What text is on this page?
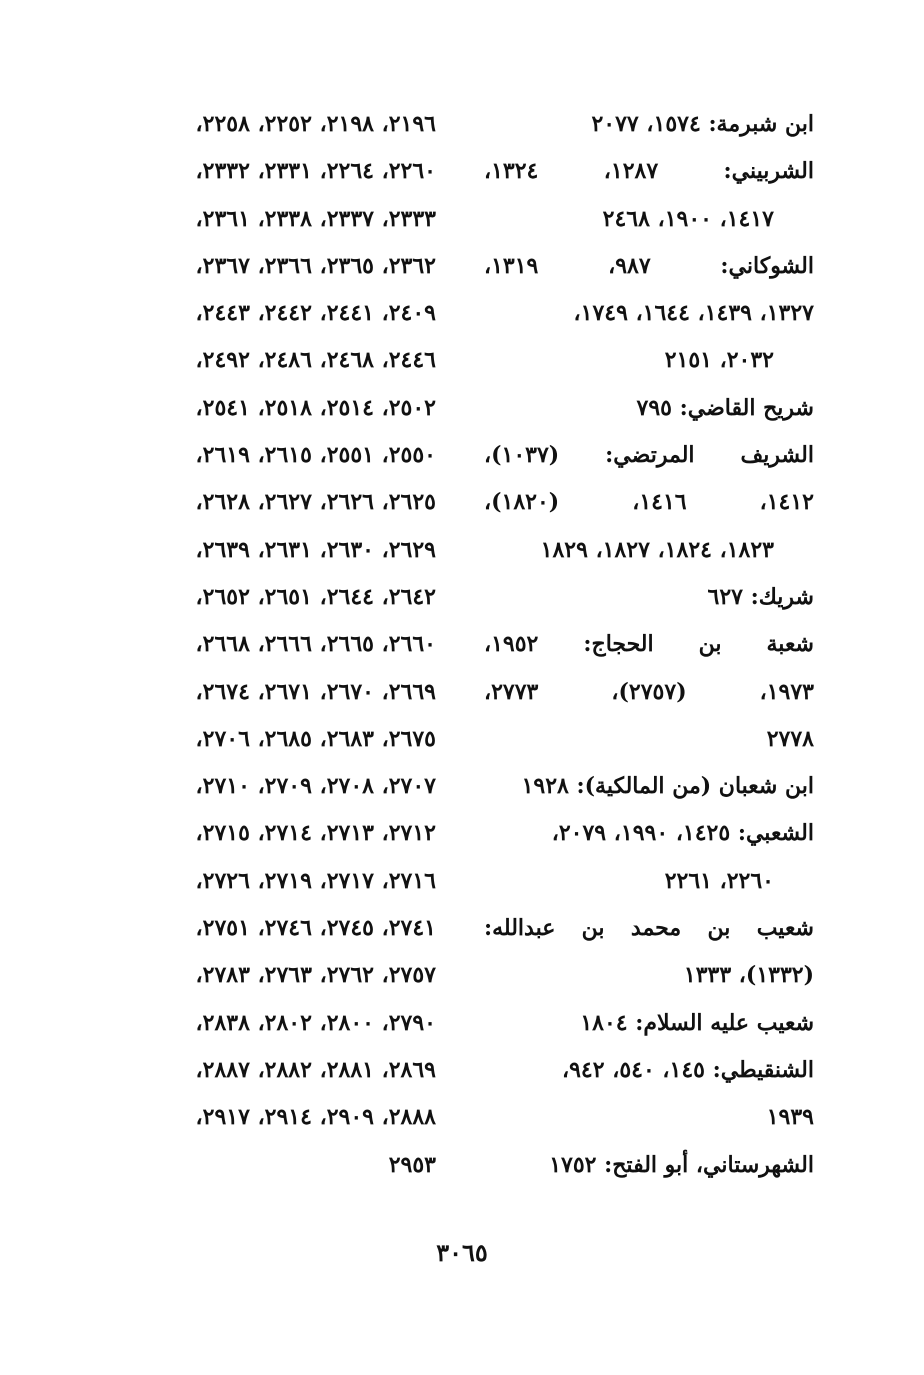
ابن شبرمة: ١٥٧٤، ٢٠٧٧
الشربيني: ١٢٨٧، ١٣٢٤،
١٤١٧، ١٩٠٠، ٢٤٦٨
الشوكاني: ٩٨٧، ١٣١٩،
١٣٢٧، ١٤٣٩، ١٦٤٤، ١٧٤٩،
٢٠٣٢، ٢١٥١
شريح القاضي: ٧٩٥
الشريف المرتضي: (١٠٣٧)،
١٤١٢، ١٤١٦، (١٨٢٠)،
١٨٢٣، ١٨٢٤، ١٨٢٧، ١٨٢٩
شريك: ٦٢٧
شعبة بن الحجاج: ١٩٥٢،
١٩٧٣، (٢٧٥٧)، ٢٧٧٣،
٢٧٧٨
ابن شعبان (من المالكية): ١٩٢٨
الشعبي: ١٤٢٥، ١٩٩٠، ٢٠٧٩،
٢٢٦٠، ٢٢٦١
شعيب بن محمد بن عبدالله:
(١٣٣٢)، ١٣٣٣
شعيب عليه السلام: ١٨٠٤
الشنقيطي: ١٤٥، ٥٤٠، ٩٤٢،
١٩٣٩
الشهرستاني، أبو الفتح: ١٧٥٢
٢١٩٦، ٢١٩٨، ٢٢٥٢، ٢٢٥٨،
٢٢٦٠، ٢٢٦٤، ٢٣٣١، ٢٣٣٢،
٢٣٣٣، ٢٣٣٧، ٢٣٣٨، ٢٣٦١،
٢٣٦٢، ٢٣٦٥، ٢٣٦٦، ٢٣٦٧،
٢٤٠٩، ٢٤٤١، ٢٤٤٢، ٢٤٤٣،
٢٤٤٦، ٢٤٦٨، ٢٤٨٦، ٢٤٩٢،
٢٥٠٢، ٢٥١٤، ٢٥١٨، ٢٥٤١،
٢٥٥٠، ٢٥٥١، ٢٦١٥، ٢٦١٩،
٢٦٢٥، ٢٦٢٦، ٢٦٢٧، ٢٦٢٨،
٢٦٢٩، ٢٦٣٠، ٢٦٣١، ٢٦٣٩،
٢٦٤٢، ٢٦٤٤، ٢٦٥١، ٢٦٥٢،
٢٦٦٠، ٢٦٦٥، ٢٦٦٦، ٢٦٦٨،
٢٦٦٩، ٢٦٧٠، ٢٦٧١، ٢٦٧٤،
٢٦٧٥، ٢٦٨٣، ٢٦٨٥، ٢٧٠٦،
٢٧٠٧، ٢٧٠٨، ٢٧٠٩، ٢٧١٠،
٢٧١٢، ٢٧١٣، ٢٧١٤، ٢٧١٥،
٢٧١٦، ٢٧١٧، ٢٧١٩، ٢٧٢٦،
٢٧٤١، ٢٧٤٥، ٢٧٤٦، ٢٧٥١،
٢٧٥٧، ٢٧٦٢، ٢٧٦٣، ٢٧٨٣،
٢٧٩٠، ٢٨٠٠، ٢٨٠٢، ٢٨٣٨،
٢٨٦٩، ٢٨٨١، ٢٨٨٢، ٢٨٨٧،
٢٨٨٨، ٢٩٠٩، ٢٩١٤، ٢٩١٧،
٢٩٥٣
٣٠٦٥
